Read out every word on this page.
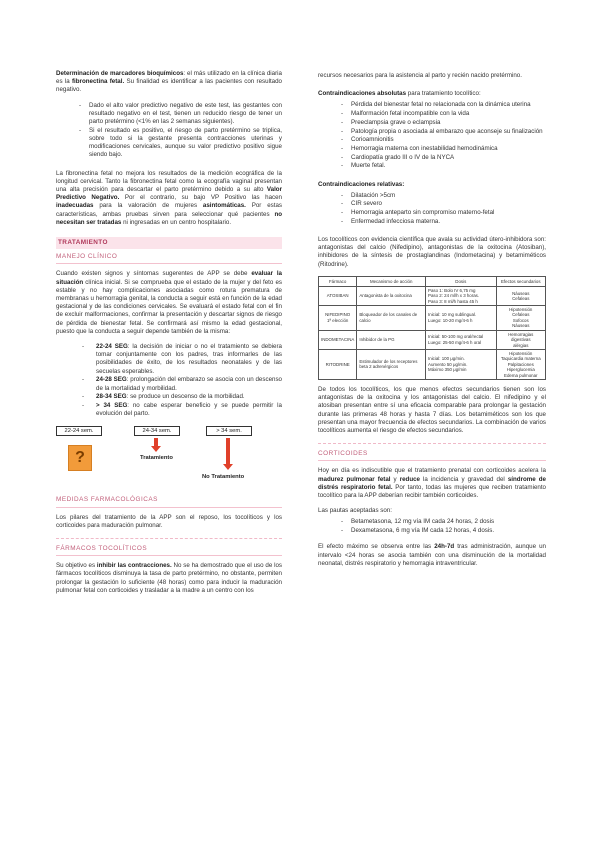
Determinación de marcadores bioquímicos: el más utilizado en la clínica diaria es la fibronectina fetal. Su finalidad es identificar a las pacientes con resultado negativo.

- Dado el alto valor predictivo negativo de este test, las gestantes con resultado negativo en el test, tienen un reducido riesgo de tener un parto pretérmino (<1% en las 2 semanas siguientes).
- Si el resultado es positivo, el riesgo de parto pretérmino se triplica, sobre todo si la gestante presenta contracciones uterinas y modificaciones cervicales, aunque su valor predictivo positivo sigue siendo bajo.

La fibronectina fetal no mejora los resultados de la medición ecográfica de la longitud cervical. Tanto la fibronectina fetal como la ecografía vaginal presentan una alta precisión para descartar el parto pretérmino debido a su alto Valor Predictivo Negativo. Por el contrario, su bajo VP Positivo las hacen inadecuadas para la valoración de mujeres asintomáticas. Por estas características, ambas pruebas sirven para seleccionar qué pacientes no necesitan ser tratadas ni ingresadas en un centro hospitalario.

TRATAMIENTO
MANEJO CLÍNICO

Cuando existen signos y síntomas sugerentes de APP se debe evaluar la situación clínica inicial. Si se comprueba que el estado de la mujer y del feto es estable y no hay complicaciones asociadas como rotura prematura de membranas u hemorragia genital, la conducta a seguir está en función de la edad gestacional y de las condiciones cervicales. Se evaluará el estado fetal con el fin de excluir malformaciones, confirmar la presentación y descartar signos de riesgo de pérdida de bienestar fetal. Se confirmará así mismo la edad gestacional, puesto que la conducta a seguir depende también de la misma:

- 22-24 SEG: la decisión de iniciar o no el tratamiento se debiera tomar conjuntamente con los padres, tras informarles de las posibilidades de éxito, de los resultados neonatales y de las secuelas esperables.
- 24-28 SEG: prolongación del embarazo se asocia con un descenso de la mortalidad y morbilidad.
- 28-34 SEG: se produce un descenso de la morbilidad.
- > 34 SEG: no cabe esperar beneficio y se puede permitir la evolución del parto.
22-24 sem.	24-34 sem.	> 34 sem.
?	Tratamiento
No Tratamiento
MEDIDAS FARMACOLÓGICAS

Los pilares del tratamiento de la APP son el reposo, los tocolíticos y los corticoides para maduración pulmonar.

FÁRMACOS TOCOLÍTICOS

Su objetivo es inhibir las contracciones. No se ha demostrado que el uso de los fármacos tocolíticos disminuya la tasa de parto pretérmino, no obstante, permiten prolongar la gestación lo suficiente (48 horas) como para inducir la maduración pulmonar fetal con corticoides y trasladar a la madre a un centro con los

recursos necesarios para la asistencia al parto y recién nacido pretérmino.

Contraindicaciones absolutas para tratamiento tocolítico:

- Pérdida del bienestar fetal no relacionada con la dinámica uterina
- Malformación fetal incompatible con la vida
- Preeclampsia grave o eclampsia
- Patología propia o asociada al embarazo que aconseje su finalización
- Corioamnionitis
- Hemorragia materna con inestabilidad hemodinámica
- Cardiopatía grado III o IV de la NYCA
- Muerte fetal.

Contraindicaciones relativas:

- Dilatación >5cm
- CIR severo
- Hemorragia anteparto sin compromiso materno-fetal
- Enfermedad infecciosa materna.

Los tocolíticos con evidencia científica que avala su actividad útero-inhibidora son: antagonistas del calcio (Nifedipino), antagonistas de la oxitocina (Atosiban), inhibidores de la síntesis de prostaglandinas (Indometacina) y betamiméticos (Ritodrine).

Fármaco	Mecanismo de acción	Dosis	Efectos secundarios
ATOSIBAN	Antagonista de la oxitocina	Paso 1: Bolo IV 6,75 mg
Paso 2: 24 ml/h x 3 horas.
Paso 3: 8 ml/h hasta 45 h	Náuseas
Cefaleas
NIFEDIPINO
1ª elección	Bloqueador de los canales de calcio	Inicial: 10 mg sublingual.
Luego: 10-20 mg/4-6 h	Hipotensión
Cefaleas
Sofocos
Náuseas
INDOMETACINA	Inhibidor de la PG	Inicial: 50-100 mg oral/rectal
Luego: 25-50 mg/4-6 h oral	Hemorragias digestivas
alérgias
RITODRINE	Estimulador de los receptores beta 2 adrenérgicos	Inicial: 100 μg/min.
Aumento 50 μg/min.
Máximo 350 μg/min	Hipotensión
Taquicardia materna
Palpitaciones
Hiperglucemia
Edema pulmonar

De todos los tocolíticos, los que menos efectos secundarios tienen son los antagonistas de la oxitocina y los antagonistas del calcio. El nifedipino y el atosiban presentan entre sí una eficacia comparable para prolongar la gestación durante las primeras 48 horas y hasta 7 días. Los betamiméticos son los que presentan una mayor frecuencia de efectos secundarios. La combinación de varios tocolíticos aumenta el riesgo de efectos secundarios.

CORTICOIDES

Hoy en día es indiscutible que el tratamiento prenatal con corticoides acelera la madurez pulmonar fetal y reduce la incidencia y gravedad del síndrome de distrés respiratorio fetal. Por tanto, todas las mujeres que reciben tratamiento tocolítico para la APP deberían recibir también corticoides.

Las pautas aceptadas son:

- Betametasona, 12 mg vía IM cada 24 horas, 2 dosis
- Dexametasona, 6 mg vía IM cada 12 horas, 4 dosis.

El efecto máximo se observa entre las 24h-7d tras administración, aunque un intervalo <24 horas se asocia también con una disminución de la mortalidad neonatal, distrés respiratorio y hemorragia intraventricular.
